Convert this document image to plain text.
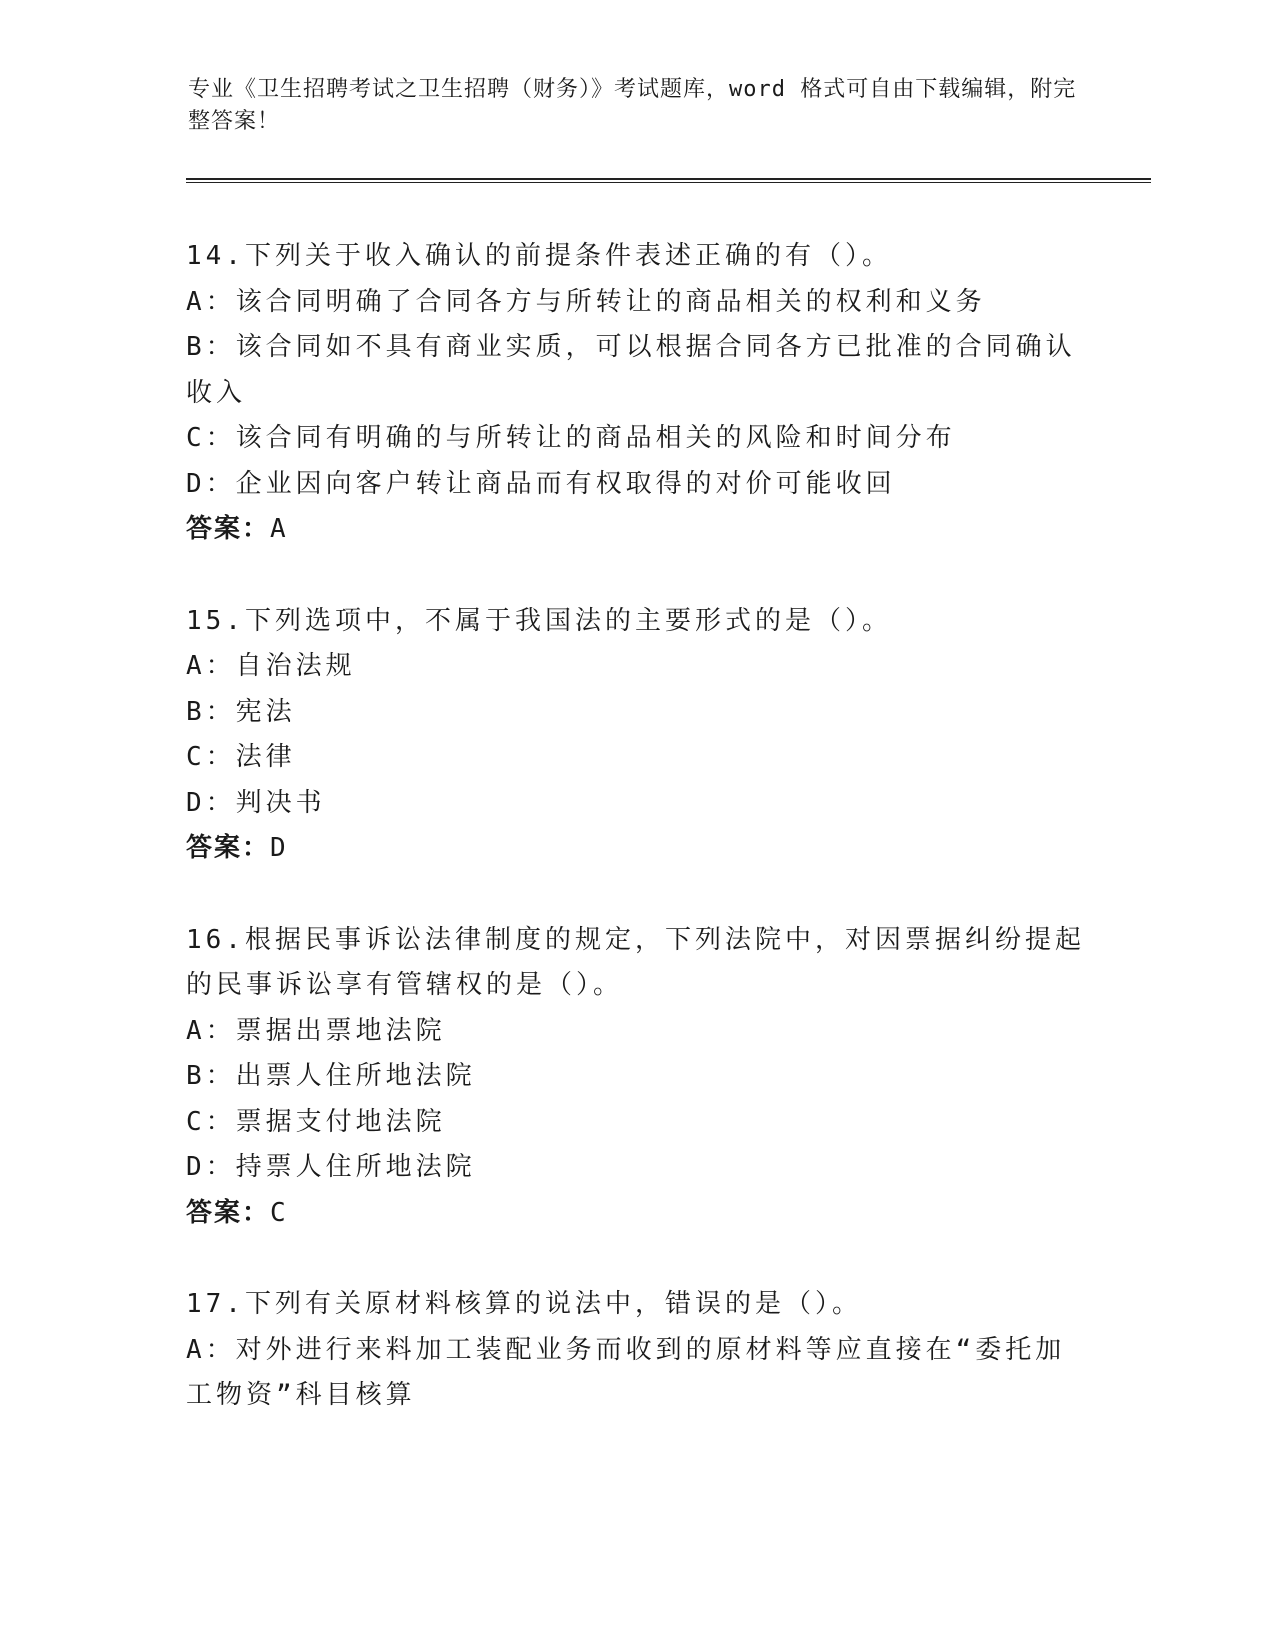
专业《卫生招聘考试之卫生招聘（财务）》考试题库，word 格式可自由下载编辑，附完整答案！
14.下列关于收入确认的前提条件表述正确的有（）。
A：该合同明确了合同各方与所转让的商品相关的权利和义务
B：该合同如不具有商业实质，可以根据合同各方已批准的合同确认收入
C：该合同有明确的与所转让的商品相关的风险和时间分布
D：企业因向客户转让商品而有权取得的对价可能收回
答案：A
15.下列选项中，不属于我国法的主要形式的是（）。
A：自治法规
B：宪法
C：法律
D：判决书
答案：D
16.根据民事诉讼法律制度的规定，下列法院中，对因票据纠纷提起的民事诉讼享有管辖权的是（）。
A：票据出票地法院
B：出票人住所地法院
C：票据支付地法院
D：持票人住所地法院
答案：C
17.下列有关原材料核算的说法中，错误的是（）。
A：对外进行来料加工装配业务而收到的原材料等应直接在“委托加工物资”科目核算
